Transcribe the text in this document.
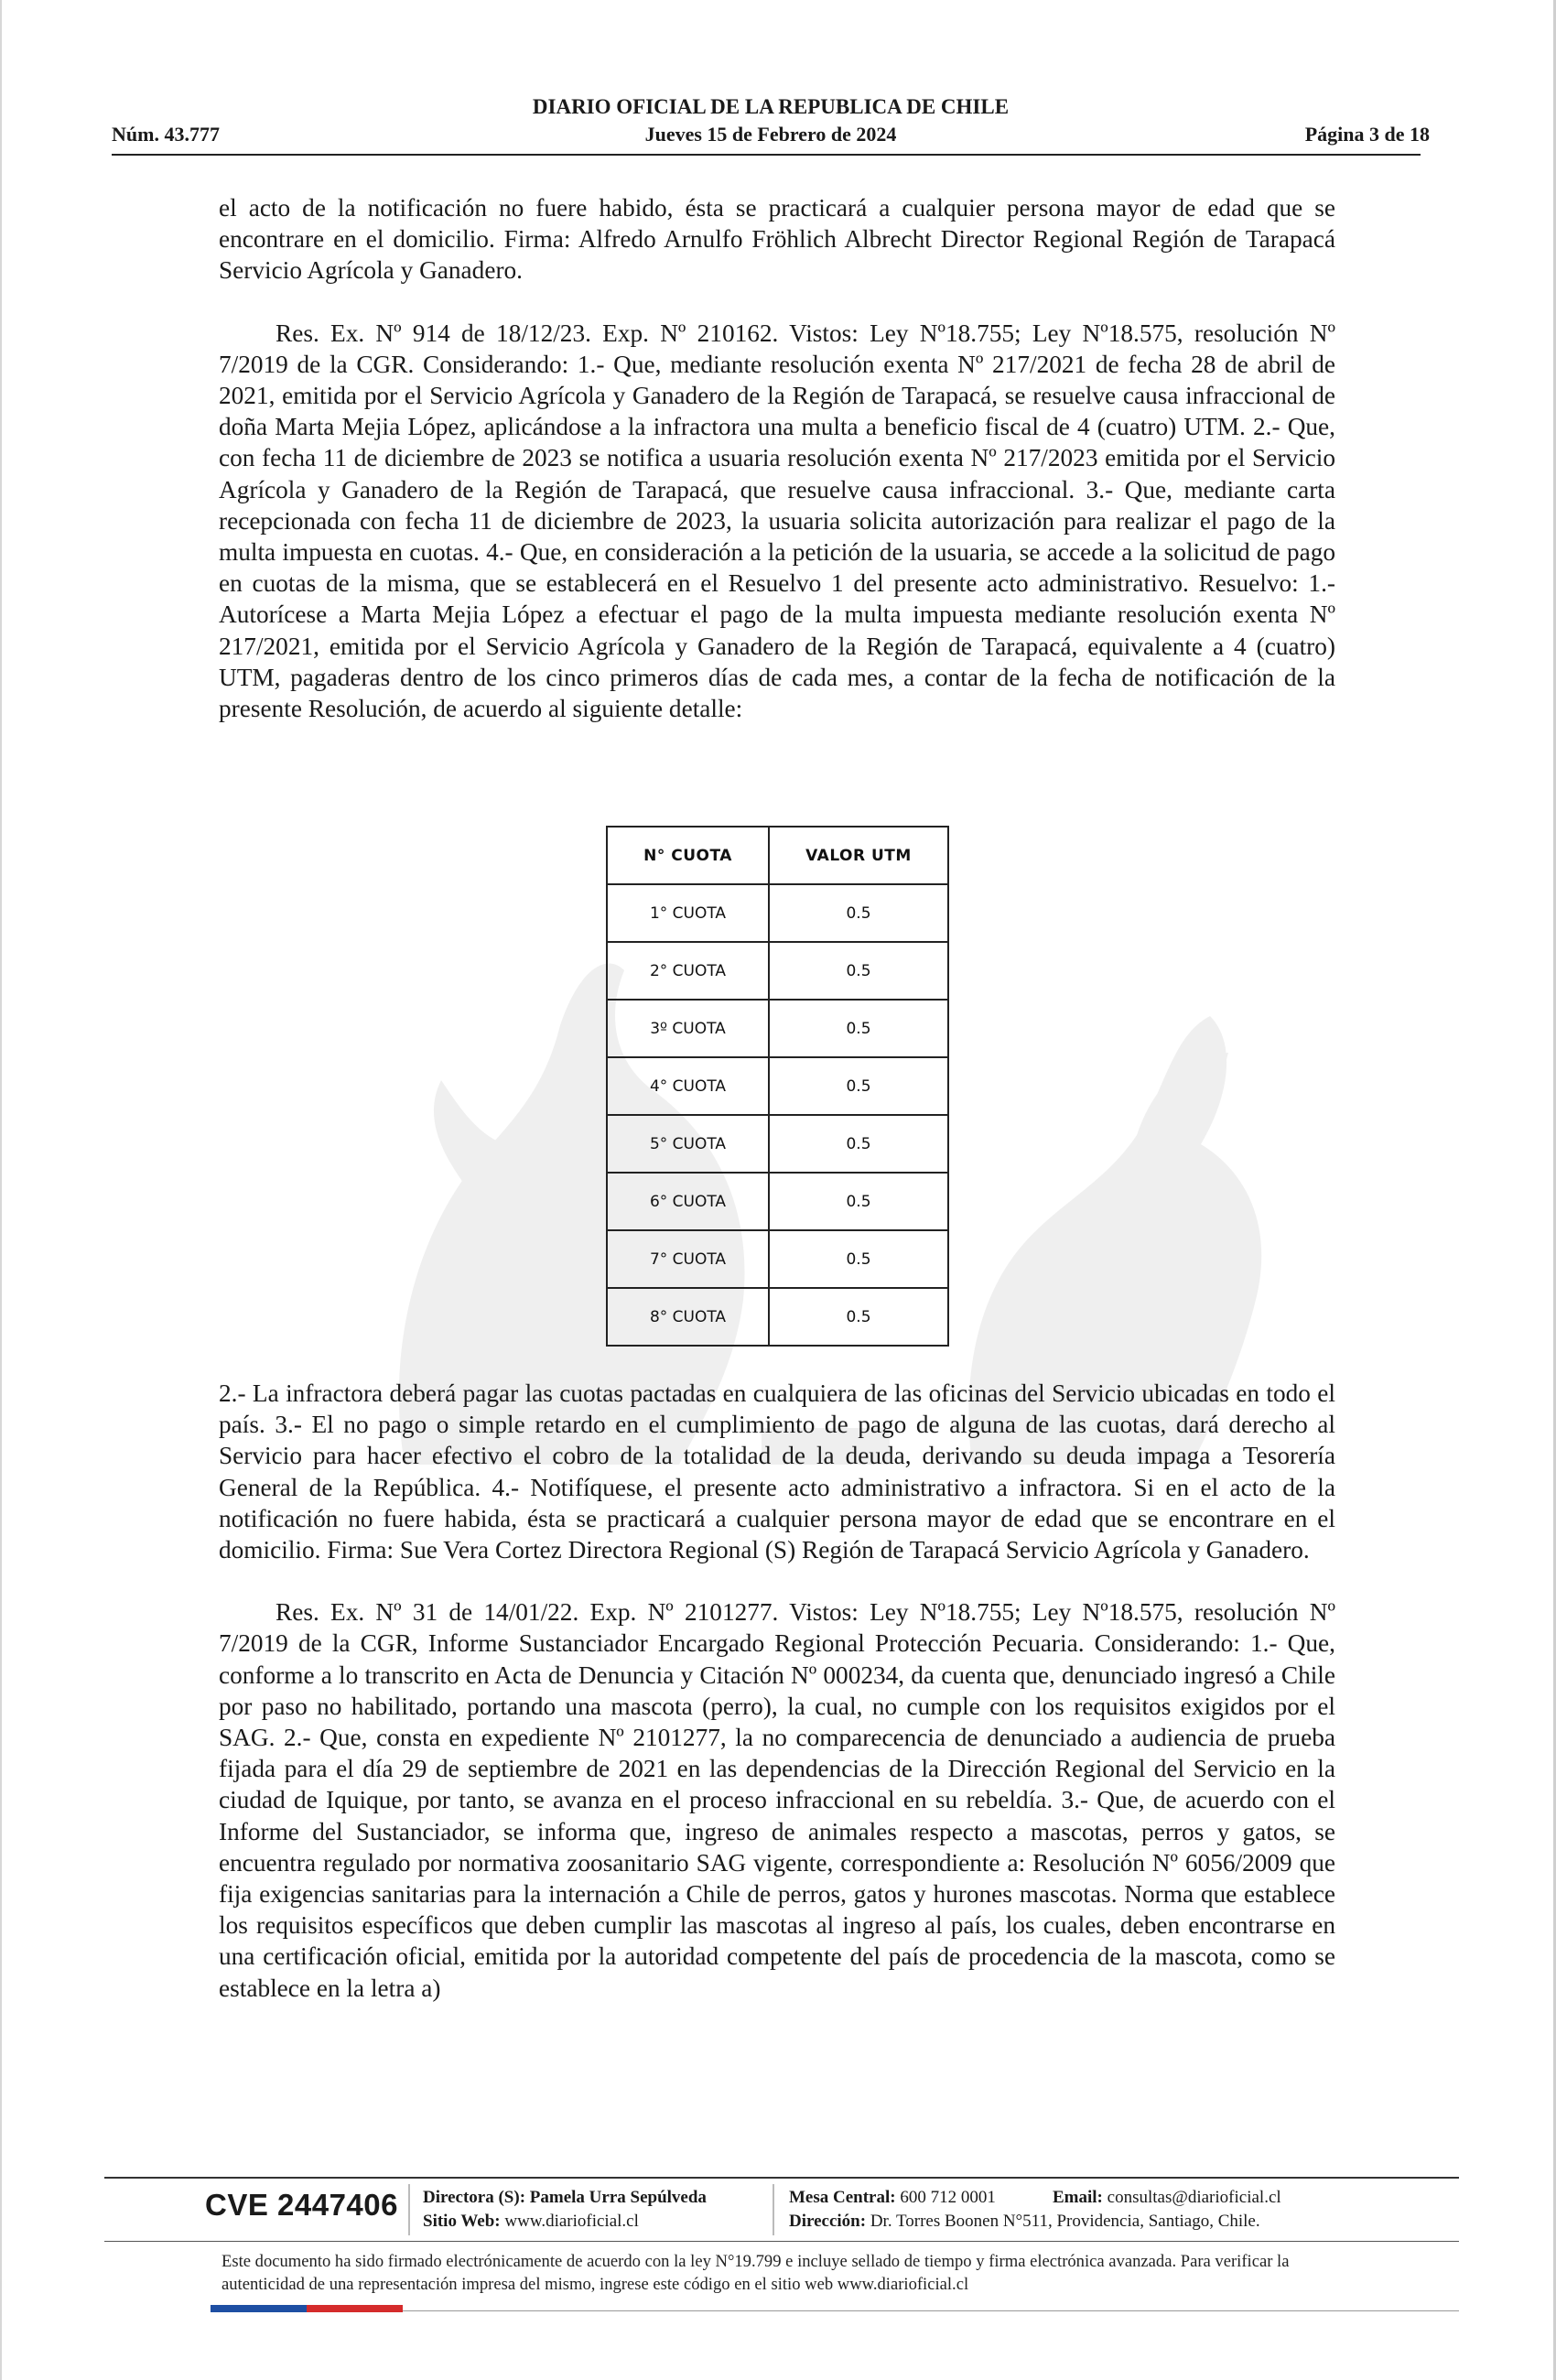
DIARIO OFICIAL DE LA REPUBLICA DE CHILE
Núm. 43.777	Jueves 15 de Febrero de 2024	Página 3 de 18

el acto de la notificación no fuere habido, ésta se practicará a cualquier persona mayor de edad que se encontrare en el domicilio. Firma: Alfredo Arnulfo Fröhlich Albrecht Director Regional Región de Tarapacá Servicio Agrícola y Ganadero.

Res. Ex. Nº 914 de 18/12/23. Exp. Nº 210162. Vistos: Ley Nº18.755; Ley Nº18.575, resolución Nº 7/2019 de la CGR. Considerando: 1.- Que, mediante resolución exenta Nº 217/2021 de fecha 28 de abril de 2021, emitida por el Servicio Agrícola y Ganadero de la Región de Tarapacá, se resuelve causa infraccional de doña Marta Mejia López, aplicándose a la infractora una multa a beneficio fiscal de 4 (cuatro) UTM. 2.- Que, con fecha 11 de diciembre de 2023 se notifica a usuaria resolución exenta Nº 217/2023 emitida por el Servicio Agrícola y Ganadero de la Región de Tarapacá, que resuelve causa infraccional. 3.- Que, mediante carta recepcionada con fecha 11 de diciembre de 2023, la usuaria solicita autorización para realizar el pago de la multa impuesta en cuotas. 4.- Que, en consideración a la petición de la usuaria, se accede a la solicitud de pago en cuotas de la misma, que se establecerá en el Resuelvo 1 del presente acto administrativo. Resuelvo: 1.- Autorícese a Marta Mejia López a efectuar el pago de la multa impuesta mediante resolución exenta Nº 217/2021, emitida por el Servicio Agrícola y Ganadero de la Región de Tarapacá, equivalente a 4 (cuatro) UTM, pagaderas dentro de los cinco primeros días de cada mes, a contar de la fecha de notificación de la presente Resolución, de acuerdo al siguiente detalle:

N° CUOTA	VALOR UTM
1° CUOTA	0.5
2° CUOTA	0.5
3º CUOTA	0.5
4° CUOTA	0.5
5° CUOTA	0.5
6° CUOTA	0.5
7° CUOTA	0.5
8° CUOTA	0.5

2.- La infractora deberá pagar las cuotas pactadas en cualquiera de las oficinas del Servicio ubicadas en todo el país. 3.- El no pago o simple retardo en el cumplimiento de pago de alguna de las cuotas, dará derecho al Servicio para hacer efectivo el cobro de la totalidad de la deuda, derivando su deuda impaga a Tesorería General de la República. 4.- Notifíquese, el presente acto administrativo a infractora. Si en el acto de la notificación no fuere habida, ésta se practicará a cualquier persona mayor de edad que se encontrare en el domicilio. Firma: Sue Vera Cortez Directora Regional (S) Región de Tarapacá Servicio Agrícola y Ganadero.

Res. Ex. Nº 31 de 14/01/22. Exp. Nº 2101277. Vistos: Ley Nº18.755; Ley Nº18.575, resolución Nº 7/2019 de la CGR, Informe Sustanciador Encargado Regional Protección Pecuaria. Considerando: 1.- Que, conforme a lo transcrito en Acta de Denuncia y Citación Nº 000234, da cuenta que, denunciado ingresó a Chile por paso no habilitado, portando una mascota (perro), la cual, no cumple con los requisitos exigidos por el SAG. 2.- Que, consta en expediente Nº 2101277, la no comparecencia de denunciado a audiencia de prueba fijada para el día 29 de septiembre de 2021 en las dependencias de la Dirección Regional del Servicio en la ciudad de Iquique, por tanto, se avanza en el proceso infraccional en su rebeldía. 3.- Que, de acuerdo con el Informe del Sustanciador, se informa que, ingreso de animales respecto a mascotas, perros y gatos, se encuentra regulado por normativa zoosanitario SAG vigente, correspondiente a: Resolución Nº 6056/2009 que fija exigencias sanitarias para la internación a Chile de perros, gatos y hurones mascotas. Norma que establece los requisitos específicos que deben cumplir las mascotas al ingreso al país, los cuales, deben encontrarse en una certificación oficial, emitida por la autoridad competente del país de procedencia de la mascota, como se establece en la letra a)

CVE 2447406 Directora (S): Pamela Urra Sepúlveda
Sitio Web: www.diarioficial.cl
Mesa Central: 600 712 0001
Dirección: Dr. Torres Boonen N°511, Providencia, Santiago, Chile.
Email: consultas@diarioficial.cl
Este documento ha sido firmado electrónicamente de acuerdo con la ley N°19.799 e incluye sellado de tiempo y firma electrónica avanzada. Para verificar la autenticidad de una representación impresa del mismo, ingrese este código en el sitio web www.diarioficial.cl
